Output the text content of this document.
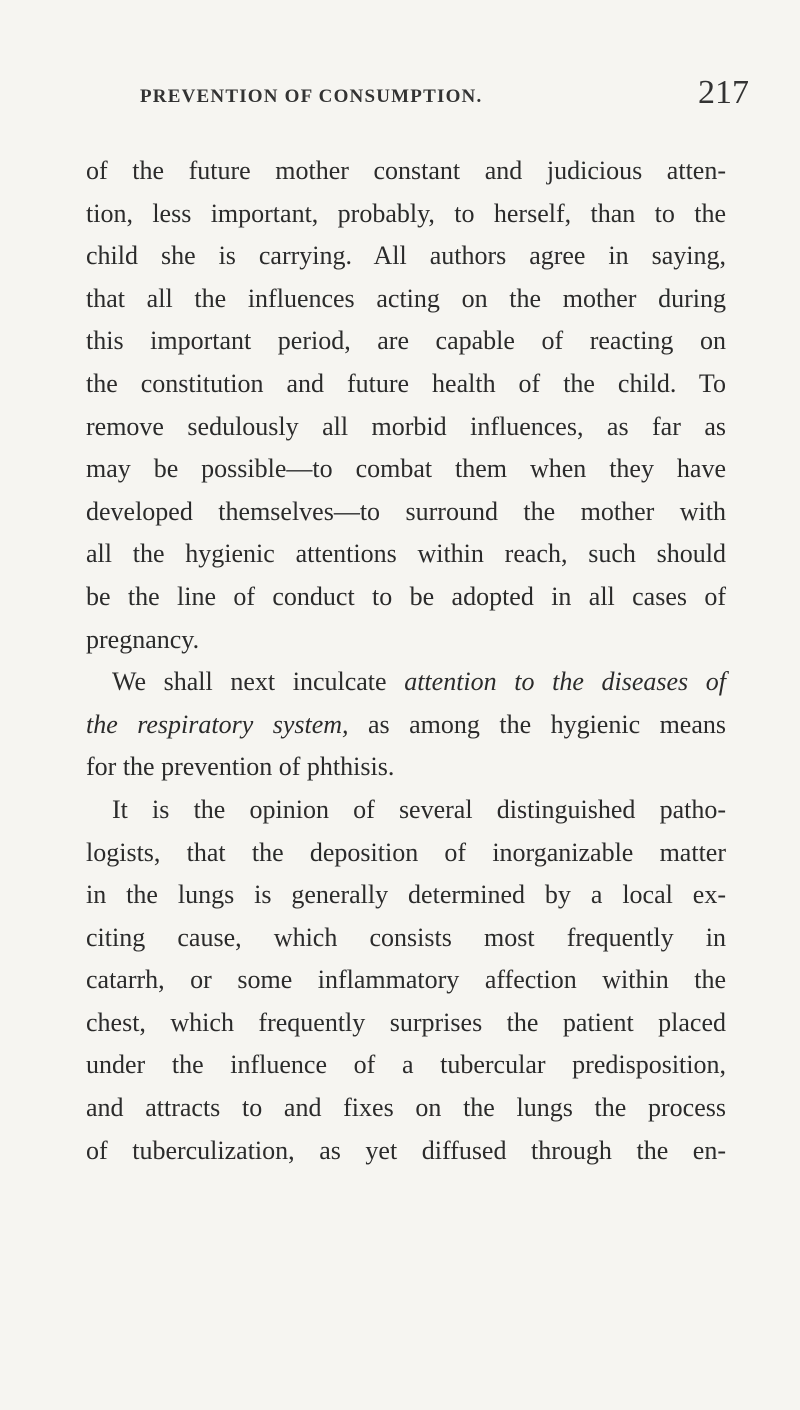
PREVENTION OF CONSUMPTION.	217
of the future mother constant and judicious atten-
tion, less important, probably, to herself, than to the
child she is carrying. All authors agree in saying,
that all the influences acting on the mother during
this important period, are capable of reacting on
the constitution and future health of the child. To
remove sedulously all morbid influences, as far as
may be possible—to combat them when they have
developed themselves—to surround the mother with
all the hygienic attentions within reach, such should
be the line of conduct to be adopted in all cases of
pregnancy.
We shall next inculcate attention to the diseases of
the respiratory system, as among the hygienic means
for the prevention of phthisis.
It is the opinion of several distinguished patho-
logists, that the deposition of inorganizable matter
in the lungs is generally determined by a local ex-
citing cause, which consists most frequently in
catarrh, or some inflammatory affection within the
chest, which frequently surprises the patient placed
under the influence of a tubercular predisposition,
and attracts to and fixes on the lungs the process
of tuberculization, as yet diffused through the en-
